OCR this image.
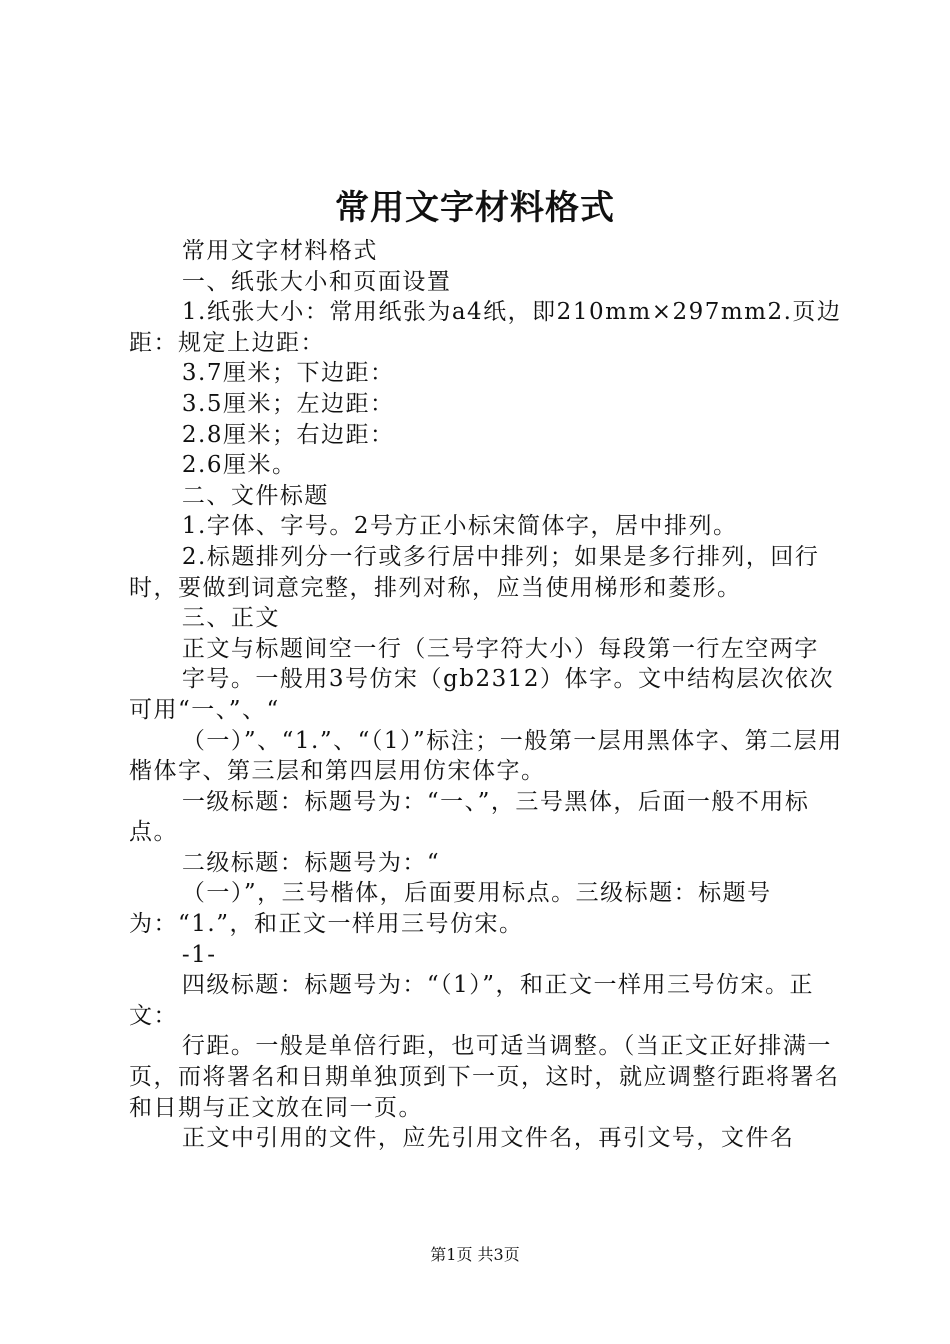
常用文字材料格式

常用文字材料格式

一、纸张大小和页面设置

1.纸张大小：常用纸张为a4纸，即210mm×297mm2.页边距：规定上边距：

3.7厘米；下边距：

3.5厘米；左边距：

2.8厘米；右边距：

2.6厘米。

二、文件标题

1.字体、字号。2号方正小标宋简体字，居中排列。

2.标题排列分一行或多行居中排列；如果是多行排列，回行时，要做到词意完整，排列对称，应当使用梯形和菱形。

三、正文

正文与标题间空一行（三号字符大小）每段第一行左空两字

字号。一般用3号仿宋（gb2312）体字。文中结构层次依次可用“一、”、“

（一）”、“1.”、“（1）”标注；一般第一层用黑体字、第二层用楷体字、第三层和第四层用仿宋体字。

一级标题：标题号为：“一、”，三号黑体，后面一般不用标点。

二级标题：标题号为：“

（一）”，三号楷体，后面要用标点。三级标题：标题号为：“1.”，和正文一样用三号仿宋。

-1-

四级标题：标题号为：“（1）”，和正文一样用三号仿宋。正文：

行距。一般是单倍行距，也可适当调整。（当正文正好排满一页，而将署名和日期单独顶到下一页，这时，就应调整行距将署名和日期与正文放在同一页。

正文中引用的文件，应先引用文件名，再引文号，文件名

第1页 共3页
